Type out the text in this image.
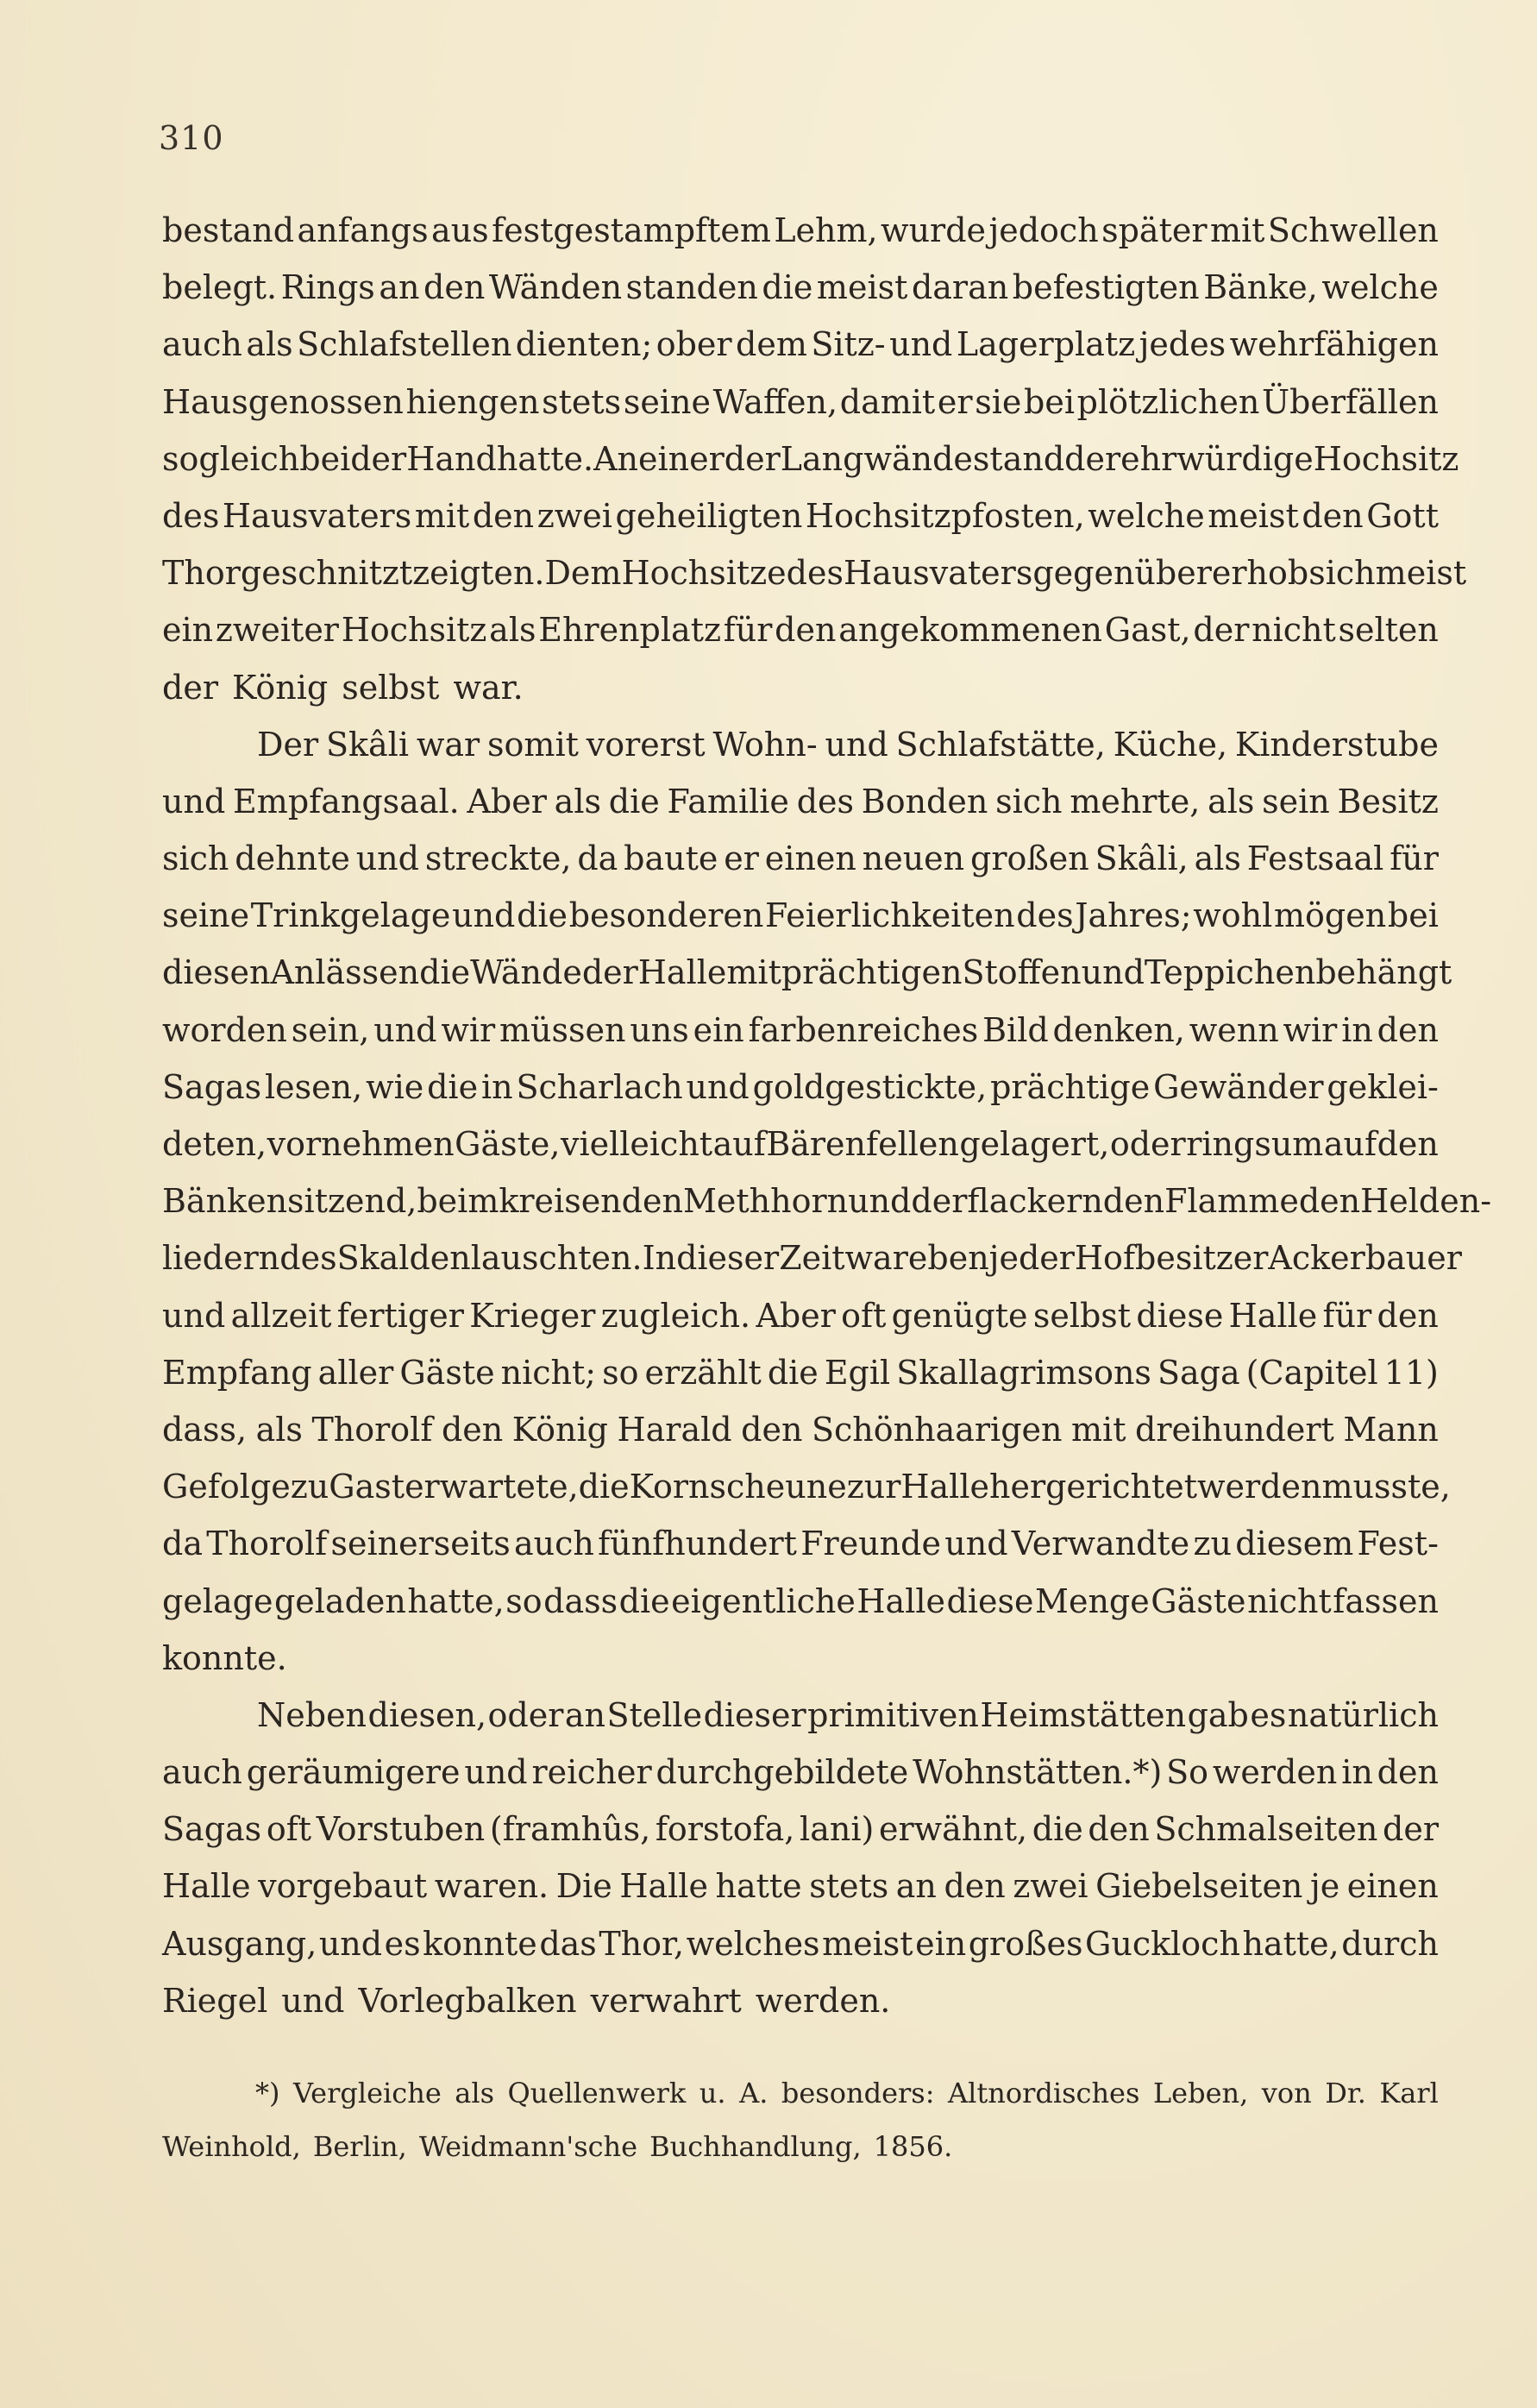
310
bestand anfangs aus festgestampftem Lehm, wurde jedoch später mit Schwellen
belegt. Rings an den Wänden standen die meist daran befestigten Bänke, welche
auch als Schlafstellen dienten; ober dem Sitz- und Lagerplatz jedes wehrfähigen
Hausgenossen hiengen stets seine Waffen, damit er sie bei plötzlichen Überfällen
sogleich bei der Hand hatte. An einer der Langwände stand der ehrwürdige Hochsitz
des Hausvaters mit den zwei geheiligten Hochsitzpfosten, welche meist den Gott
Thor geschnitzt zeigten. Dem Hochsitze des Hausvaters gegenüber erhob sich meist
ein zweiter Hochsitz als Ehrenplatz für den angekommenen Gast, der nicht selten
der König selbst war.
Der Skâli war somit vorerst Wohn- und Schlafstätte, Küche, Kinderstube
und Empfangsaal. Aber als die Familie des Bonden sich mehrte, als sein Besitz
sich dehnte und streckte, da baute er einen neuen großen Skâli, als Festsaal für
seine Trinkgelage und die besonderen Feierlichkeiten des Jahres; wohl mögen bei
diesen Anlässen die Wände der Halle mit prächtigen Stoffen und Teppichen behängt
worden sein, und wir müssen uns ein farbenreiches Bild denken, wenn wir in den
Sagas lesen, wie die in Scharlach und goldgestickte, prächtige Gewänder geklei-
deten, vornehmen Gäste, vielleicht auf Bärenfellen gelagert, oder ringsum auf den
Bänken sitzend, beim kreisenden Methhorn und der flackernden Flamme den Helden-
liedern des Skalden lauschten. In dieser Zeit war eben jeder Hofbesitzer Ackerbauer
und allzeit fertiger Krieger zugleich. Aber oft genügte selbst diese Halle für den
Empfang aller Gäste nicht; so erzählt die Egil Skallagrimsons Saga (Capitel 11)
dass, als Thorolf den König Harald den Schönhaarigen mit dreihundert Mann
Gefolge zu Gast erwartete, die Kornscheune zur Halle hergerichtet werden musste,
da Thorolf seinerseits auch fünfhundert Freunde und Verwandte zu diesem Fest-
gelage geladen hatte, so dass die eigentliche Halle diese Menge Gäste nicht fassen
konnte.
Neben diesen, oder an Stelle dieser primitiven Heimstätten gab es natürlich
auch geräumigere und reicher durchgebildete Wohnstätten.*) So werden in den
Sagas oft Vorstuben (framhûs, forstofa, lani) erwähnt, die den Schmalseiten der
Halle vorgebaut waren. Die Halle hatte stets an den zwei Giebelseiten je einen
Ausgang, und es konnte das Thor, welches meist ein großes Guckloch hatte, durch
Riegel und Vorlegbalken verwahrt werden.
*) Vergleiche als Quellenwerk u. A. besonders: Altnordisches Leben, von Dr. Karl
Weinhold, Berlin, Weidmann'sche Buchhandlung, 1856.
